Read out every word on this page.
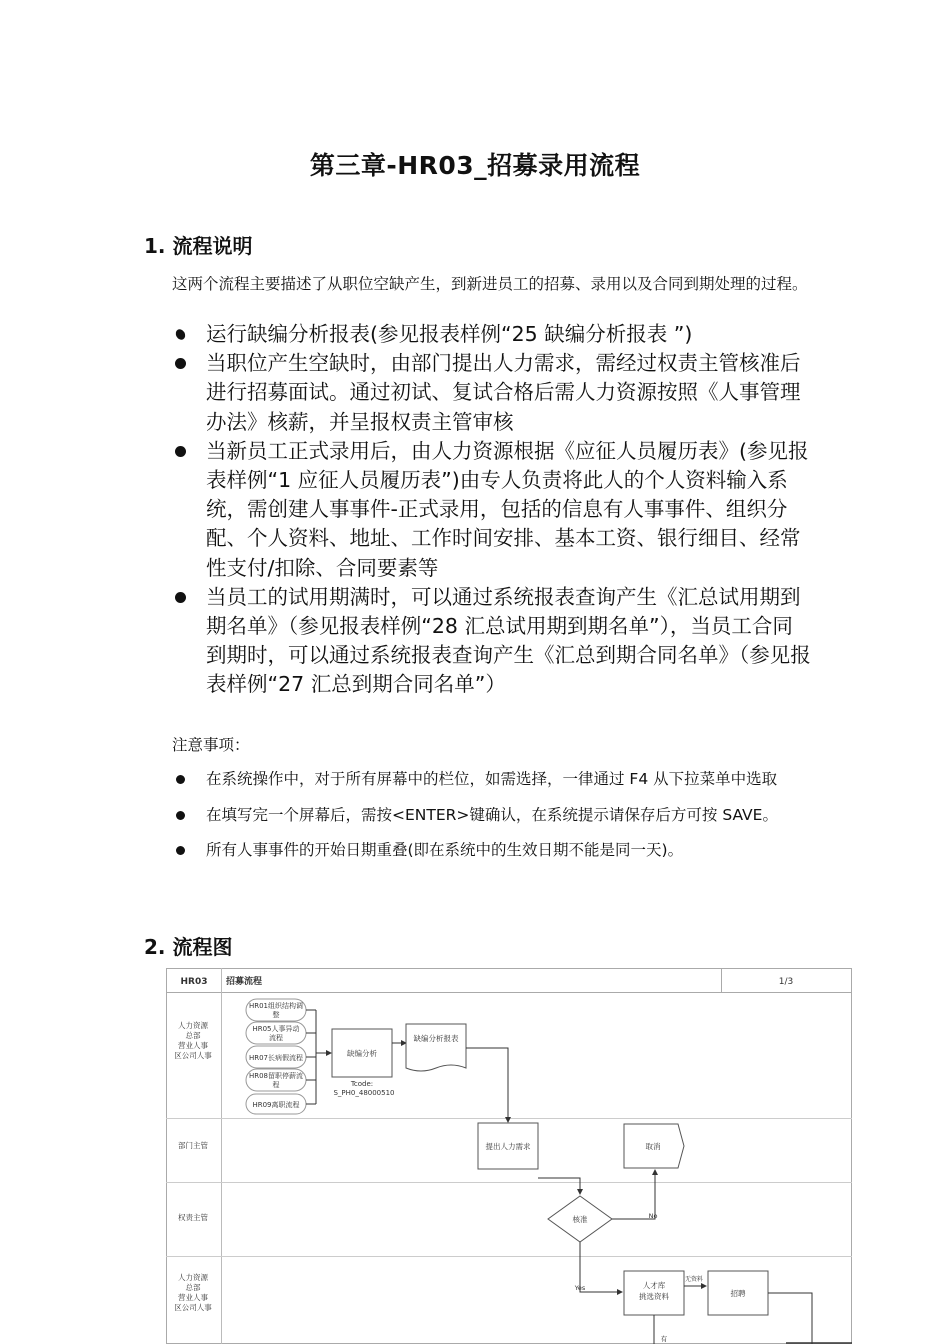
第三章-HR03_招募录用流程
1. 流程说明
这两个流程主要描述了从职位空缺产生，到新进员工的招募、录用以及合同到期处理的过程。
运行缺编分析报表(参见报表样例“25 缺编分析报表 ”)
当职位产生空缺时，由部门提出人力需求，需经过权责主管核准后进行招募面试。通过初试、复试合格后需人力资源按照《人事管理办法》核薪，并呈报权责主管审核
当新员工正式录用后，由人力资源根据《应征人员履历表》(参见报表样例“1 应征人员履历表”)由专人负责将此人的个人资料输入系统，需创建人事事件-正式录用，包括的信息有人事事件、组织分配、个人资料、地址、工作时间安排、基本工资、银行细目、经常性支付/扣除、合同要素等
当员工的试用期满时，可以通过系统报表查询产生《汇总试用期到期名单》（参见报表样例“28 汇总试用期到期名单”），当员工合同到期时，可以通过系统报表查询产生《汇总到期合同名单》（参见报表样例“27 汇总到期合同名单”）
注意事项：
在系统操作中，对于所有屏幕中的栏位，如需选择，一律通过 F4 从下拉菜单中选取
在填写完一个屏幕后，需按<ENTER>键确认，在系统提示请保存后方可按 SAVE。
所有人事事件的开始日期重叠(即在系统中的生效日期不能是同一天)。
2. 流程图
HR03 招募流程	1/3
人力资源
总部
营业人事
区公司人事
部门主管
权责主管
人力资源
总部
营业人事
区公司人事
HR01组织结构调
整
HR05人事异动
流程
HR07长病假流程
HR08留职停薪流
程
HR09离职流程
缺编分析
缺编分析报表
Tcode:
S_PH0_48000510
提出人力需求
核准	No
取消
Yes	人才库
挑选资料
无资料
招聘
有
